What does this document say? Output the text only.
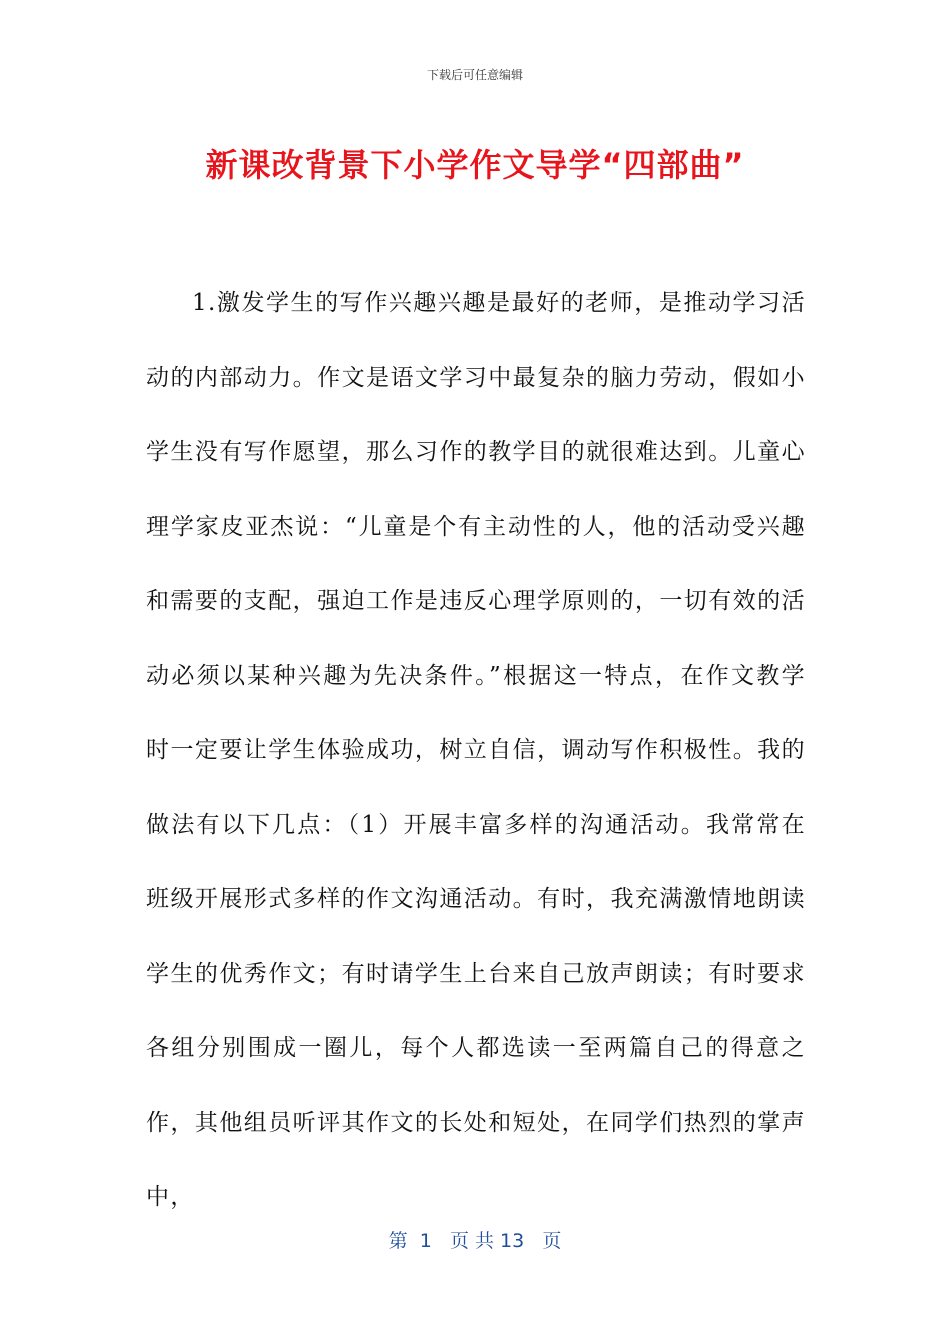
下载后可任意编辑
新课改背景下小学作文导学“四部曲”

1.激发学生的写作兴趣兴趣是最好的老师，是推动学习活动的内部动力。作文是语文学习中最复杂的脑力劳动，假如小学生没有写作愿望，那么习作的教学目的就很难达到。儿童心理学家皮亚杰说：“儿童是个有主动性的人，他的活动受兴趣和需要的支配，强迫工作是违反心理学原则的，一切有效的活动必须以某种兴趣为先决条件。”根据这一特点，在作文教学时一定要让学生体验成功，树立自信，调动写作积极性。我的做法有以下几点：（1）开展丰富多样的沟通活动。我常常在班级开展形式多样的作文沟通活动。有时，我充满激情地朗读学生的优秀作文；有时请学生上台来自己放声朗读；有时要求各组分别围成一圈儿，每个人都选读一至两篇自己的得意之作，其他组员听评其作文的长处和短处，在同学们热烈的掌声中，

第  1   页 共 13   页
